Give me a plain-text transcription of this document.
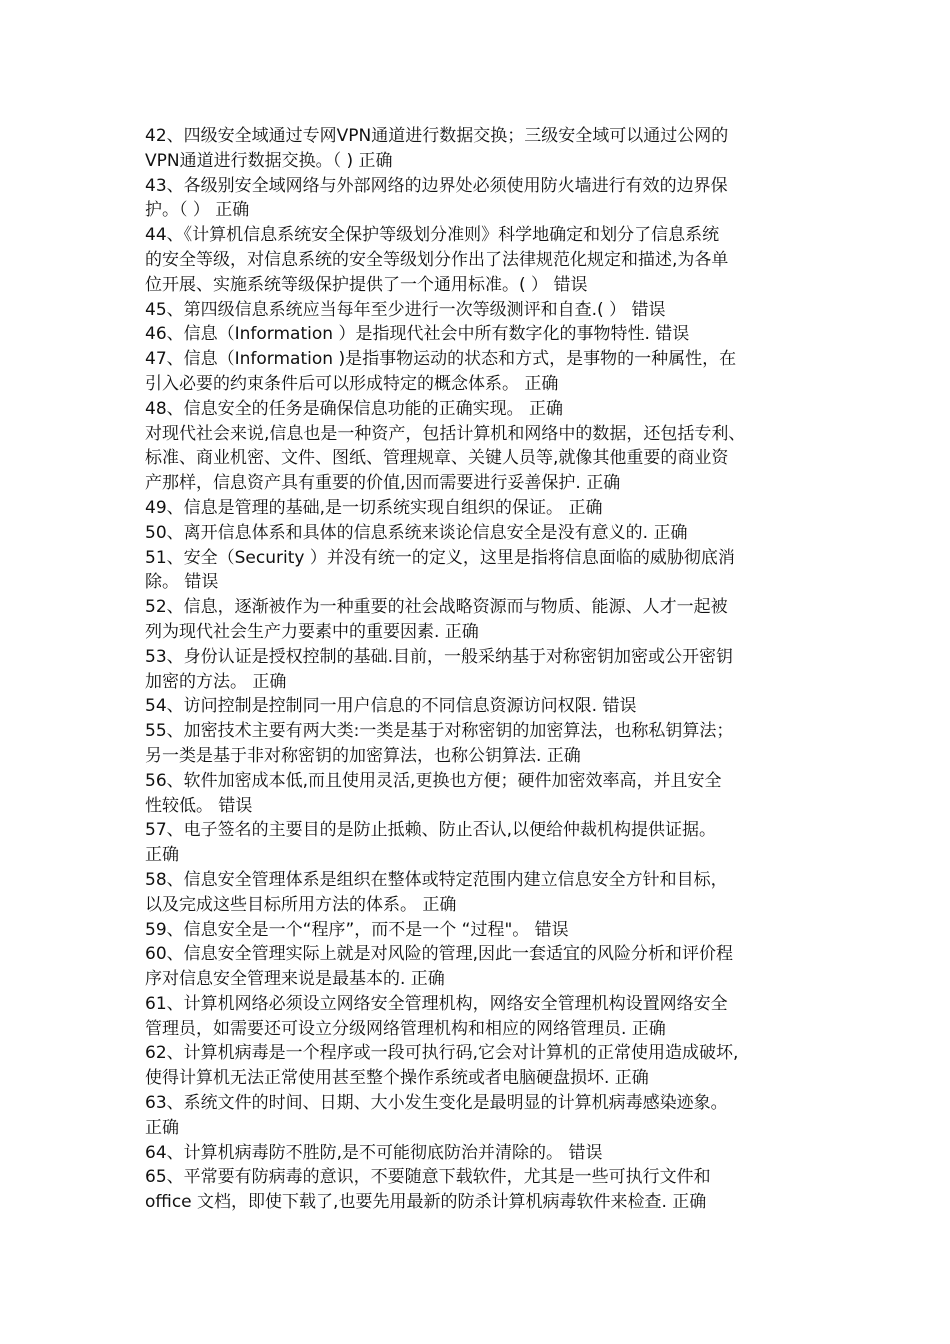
42、四级安全域通过专网VPN通道进行数据交换；三级安全域可以通过公网的
VPN通道进行数据交换。（ ) 正确
43、各级别安全域网络与外部网络的边界处必须使用防火墙进行有效的边界保
护。（ ） 正确
44、《计算机信息系统安全保护等级划分准则》科学地确定和划分了信息系统
的安全等级，对信息系统的安全等级划分作出了法律规范化规定和描述,为各单
位开展、实施系统等级保护提供了一个通用标准。( ） 错误
45、第四级信息系统应当每年至少进行一次等级测评和自查.( ） 错误
46、信息（Information ）是指现代社会中所有数字化的事物特性. 错误
47、信息（Information )是指事物运动的状态和方式，是事物的一种属性，在
引入必要的约束条件后可以形成特定的概念体系。 正确
48、信息安全的任务是确保信息功能的正确实现。 正确
对现代社会来说,信息也是一种资产，包括计算机和网络中的数据，还包括专利、
标准、商业机密、文件、图纸、管理规章、关键人员等,就像其他重要的商业资
产那样，信息资产具有重要的价值,因而需要进行妥善保护. 正确
49、信息是管理的基础,是一切系统实现自组织的保证。 正确
50、离开信息体系和具体的信息系统来谈论信息安全是没有意义的. 正确
51、安全（Security ）并没有统一的定义，这里是指将信息面临的威胁彻底消
除。 错误
52、信息，逐渐被作为一种重要的社会战略资源而与物质、能源、人才一起被
列为现代社会生产力要素中的重要因素. 正确
53、身份认证是授权控制的基础.目前，一般采纳基于对称密钥加密或公开密钥
加密的方法。 正确
54、访问控制是控制同一用户信息的不同信息资源访问权限. 错误
55、加密技术主要有两大类:一类是基于对称密钥的加密算法，也称私钥算法；
另一类是基于非对称密钥的加密算法，也称公钥算法. 正确
56、软件加密成本低,而且使用灵活,更换也方便；硬件加密效率高，并且安全
性较低。 错误
57、电子签名的主要目的是防止抵赖、防止否认,以便给仲裁机构提供证据。
正确
58、信息安全管理体系是组织在整体或特定范围内建立信息安全方针和目标，
以及完成这些目标所用方法的体系。 正确
59、信息安全是一个“程序”，而不是一个 “过程"。 错误
60、信息安全管理实际上就是对风险的管理,因此一套适宜的风险分析和评价程
序对信息安全管理来说是最基本的. 正确
61、计算机网络必须设立网络安全管理机构，网络安全管理机构设置网络安全
管理员，如需要还可设立分级网络管理机构和相应的网络管理员. 正确
62、计算机病毒是一个程序或一段可执行码,它会对计算机的正常使用造成破坏,
使得计算机无法正常使用甚至整个操作系统或者电脑硬盘损坏. 正确
63、系统文件的时间、日期、大小发生变化是最明显的计算机病毒感染迹象。
正确
64、计算机病毒防不胜防,是不可能彻底防治并清除的。 错误
65、平常要有防病毒的意识，不要随意下载软件，尤其是一些可执行文件和
office 文档，即使下载了,也要先用最新的防杀计算机病毒软件来检查. 正确
